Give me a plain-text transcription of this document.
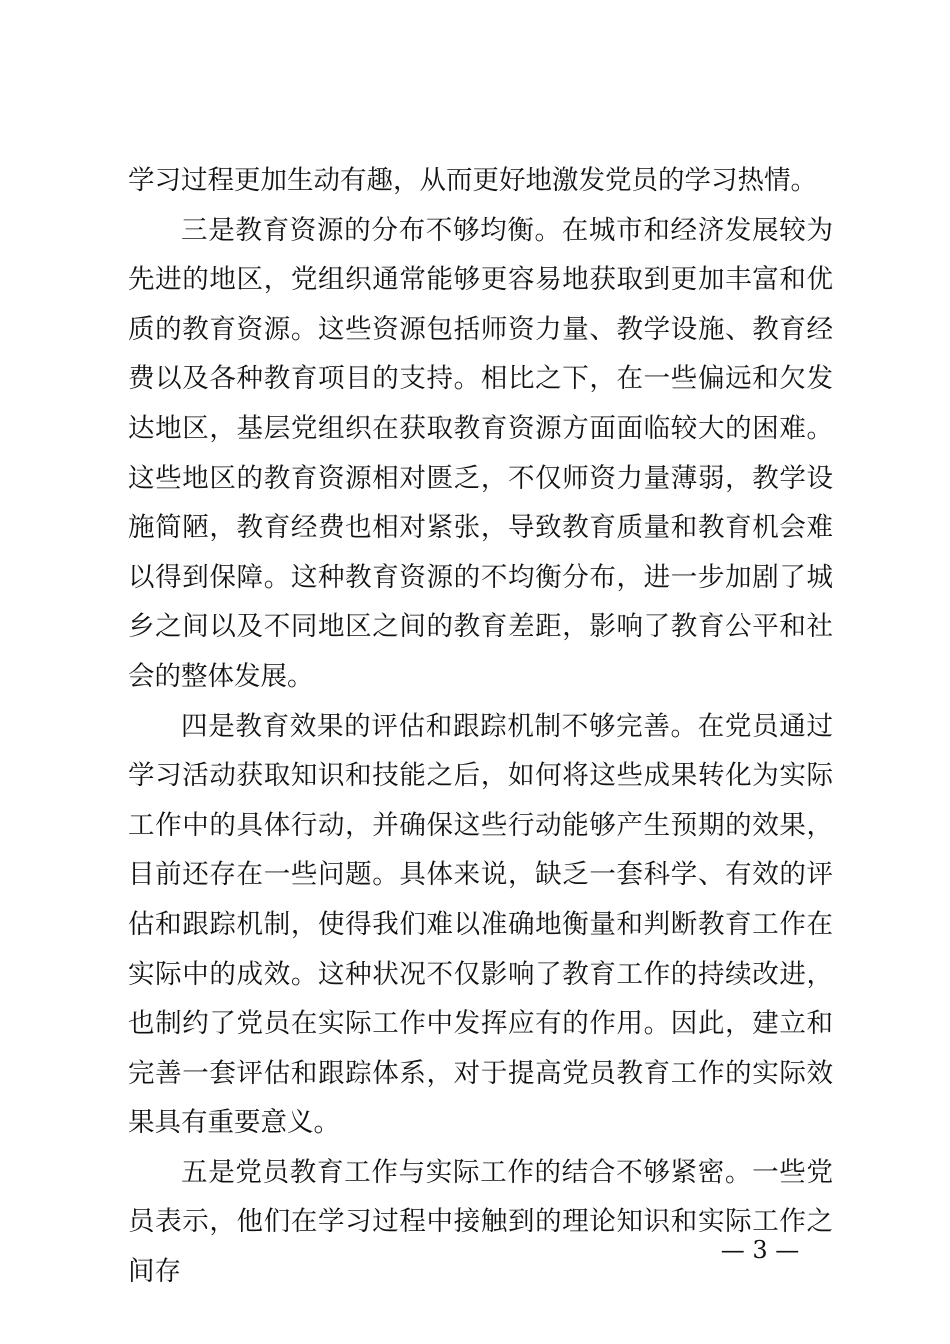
学习过程更加生动有趣，从而更好地激发党员的学习热情。

三是教育资源的分布不够均衡。在城市和经济发展较为先进的地区，党组织通常能够更容易地获取到更加丰富和优质的教育资源。这些资源包括师资力量、教学设施、教育经费以及各种教育项目的支持。相比之下，在一些偏远和欠发达地区，基层党组织在获取教育资源方面面临较大的困难。这些地区的教育资源相对匮乏，不仅师资力量薄弱，教学设施简陋，教育经费也相对紧张，导致教育质量和教育机会难以得到保障。这种教育资源的不均衡分布，进一步加剧了城乡之间以及不同地区之间的教育差距，影响了教育公平和社会的整体发展。

四是教育效果的评估和跟踪机制不够完善。在党员通过学习活动获取知识和技能之后，如何将这些成果转化为实际工作中的具体行动，并确保这些行动能够产生预期的效果，目前还存在一些问题。具体来说，缺乏一套科学、有效的评估和跟踪机制，使得我们难以准确地衡量和判断教育工作在实际中的成效。这种状况不仅影响了教育工作的持续改进，也制约了党员在实际工作中发挥应有的作用。因此，建立和完善一套评估和跟踪体系，对于提高党员教育工作的实际效果具有重要意义。

五是党员教育工作与实际工作的结合不够紧密。一些党员表示，他们在学习过程中接触到的理论知识和实际工作之间存

— 3 —
